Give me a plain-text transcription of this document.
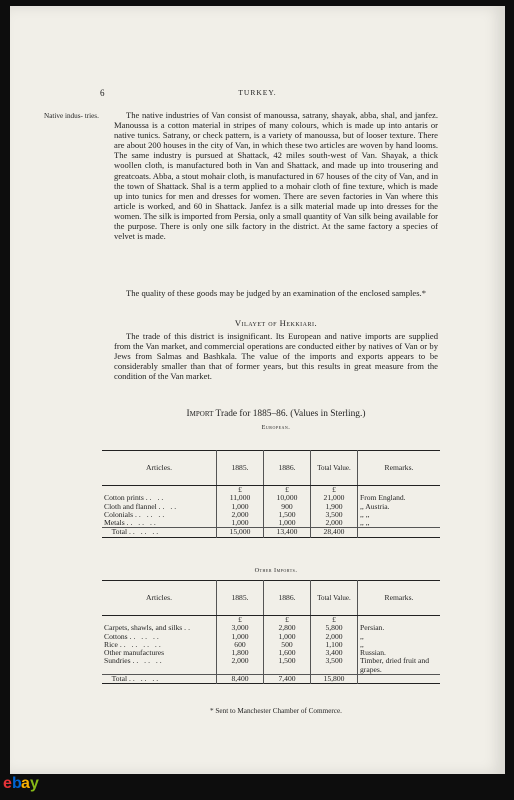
6	TURKEY.
Native indus- tries.	The native industries of Van consist of manoussa, satrany, shayak, abba, shal, and janfez. Manoussa is a cotton material in stripes of many colours, which is made up into antaris or native tunics. Satrany, or check pattern, is a variety of manoussa, but of looser texture. There are about 200 houses in the city of Van, in which these two articles are woven by hand looms. The same industry is pursued at Shattack, 42 miles south-west of Van. Shayak, a thick woollen cloth, is manufactured both in Van and Shattack, and made up into trousering and greatcoats. Abba, a stout mohair cloth, is manufactured in 67 houses of the city of Van, and in the town of Shattack. Shal is a term applied to a mohair cloth of fine texture, which is made up into tunics for men and dresses for women. There are seven factories in Van where this article is worked, and 60 in Shattack. Janfez is a silk material made up into dresses for the women. The silk is imported from Persia, only a small quantity of Van silk being available for the purpose. There is only one silk factory in the district. At the same factory a species of velvet is made.

The quality of these goods may be judged by an examination of the enclosed samples.*

Vilayet of Hekkiari.

The trade of this district is insignificant. Its European and native imports are supplied from the Van market, and commercial operations are conducted either by natives of Van or by Jews from Salmas and Bashkala. The value of the imports and exports appears to be considerably smaller than that of former years, but this results in great measure from the condition of the Van market.

Import Trade for 1885–86. (Values in Sterling.)
European.
Articles.	1885.	1886.	Total Value.	Remarks.
	£	£	£	
Cotton prints .. ..	11,000	10,000	21,000	From England.
Cloth and flannel .. ..	1,000	900	1,900	,, Austria.
Colonials .. .. ..	2,000	1,500	3,500	,, ,,
Metals .. .. ..	1,000	1,000	2,000	,, ,,
Total .. .. ..	15,000	13,400	28,400	
Other Imports.
Articles.	1885.	1886.	Total Value.	Remarks.
	£	£	£	
Carpets, shawls, and silks ..	3,000	2,800	5,800	Persian.
Cottons .. .. ..	1,000	1,000	2,000	,,
Rice .. .. .. ..	600	500	1,100	,,
Other manufactures	1,800	1,600	3,400	Russian.
Sundries .. .. ..	2,000	1,500	3,500	Timber, dried fruit and grapes.
Total .. .. ..	8,400	7,400	15,800	
* Sent to Manchester Chamber of Commerce.
e b a y
